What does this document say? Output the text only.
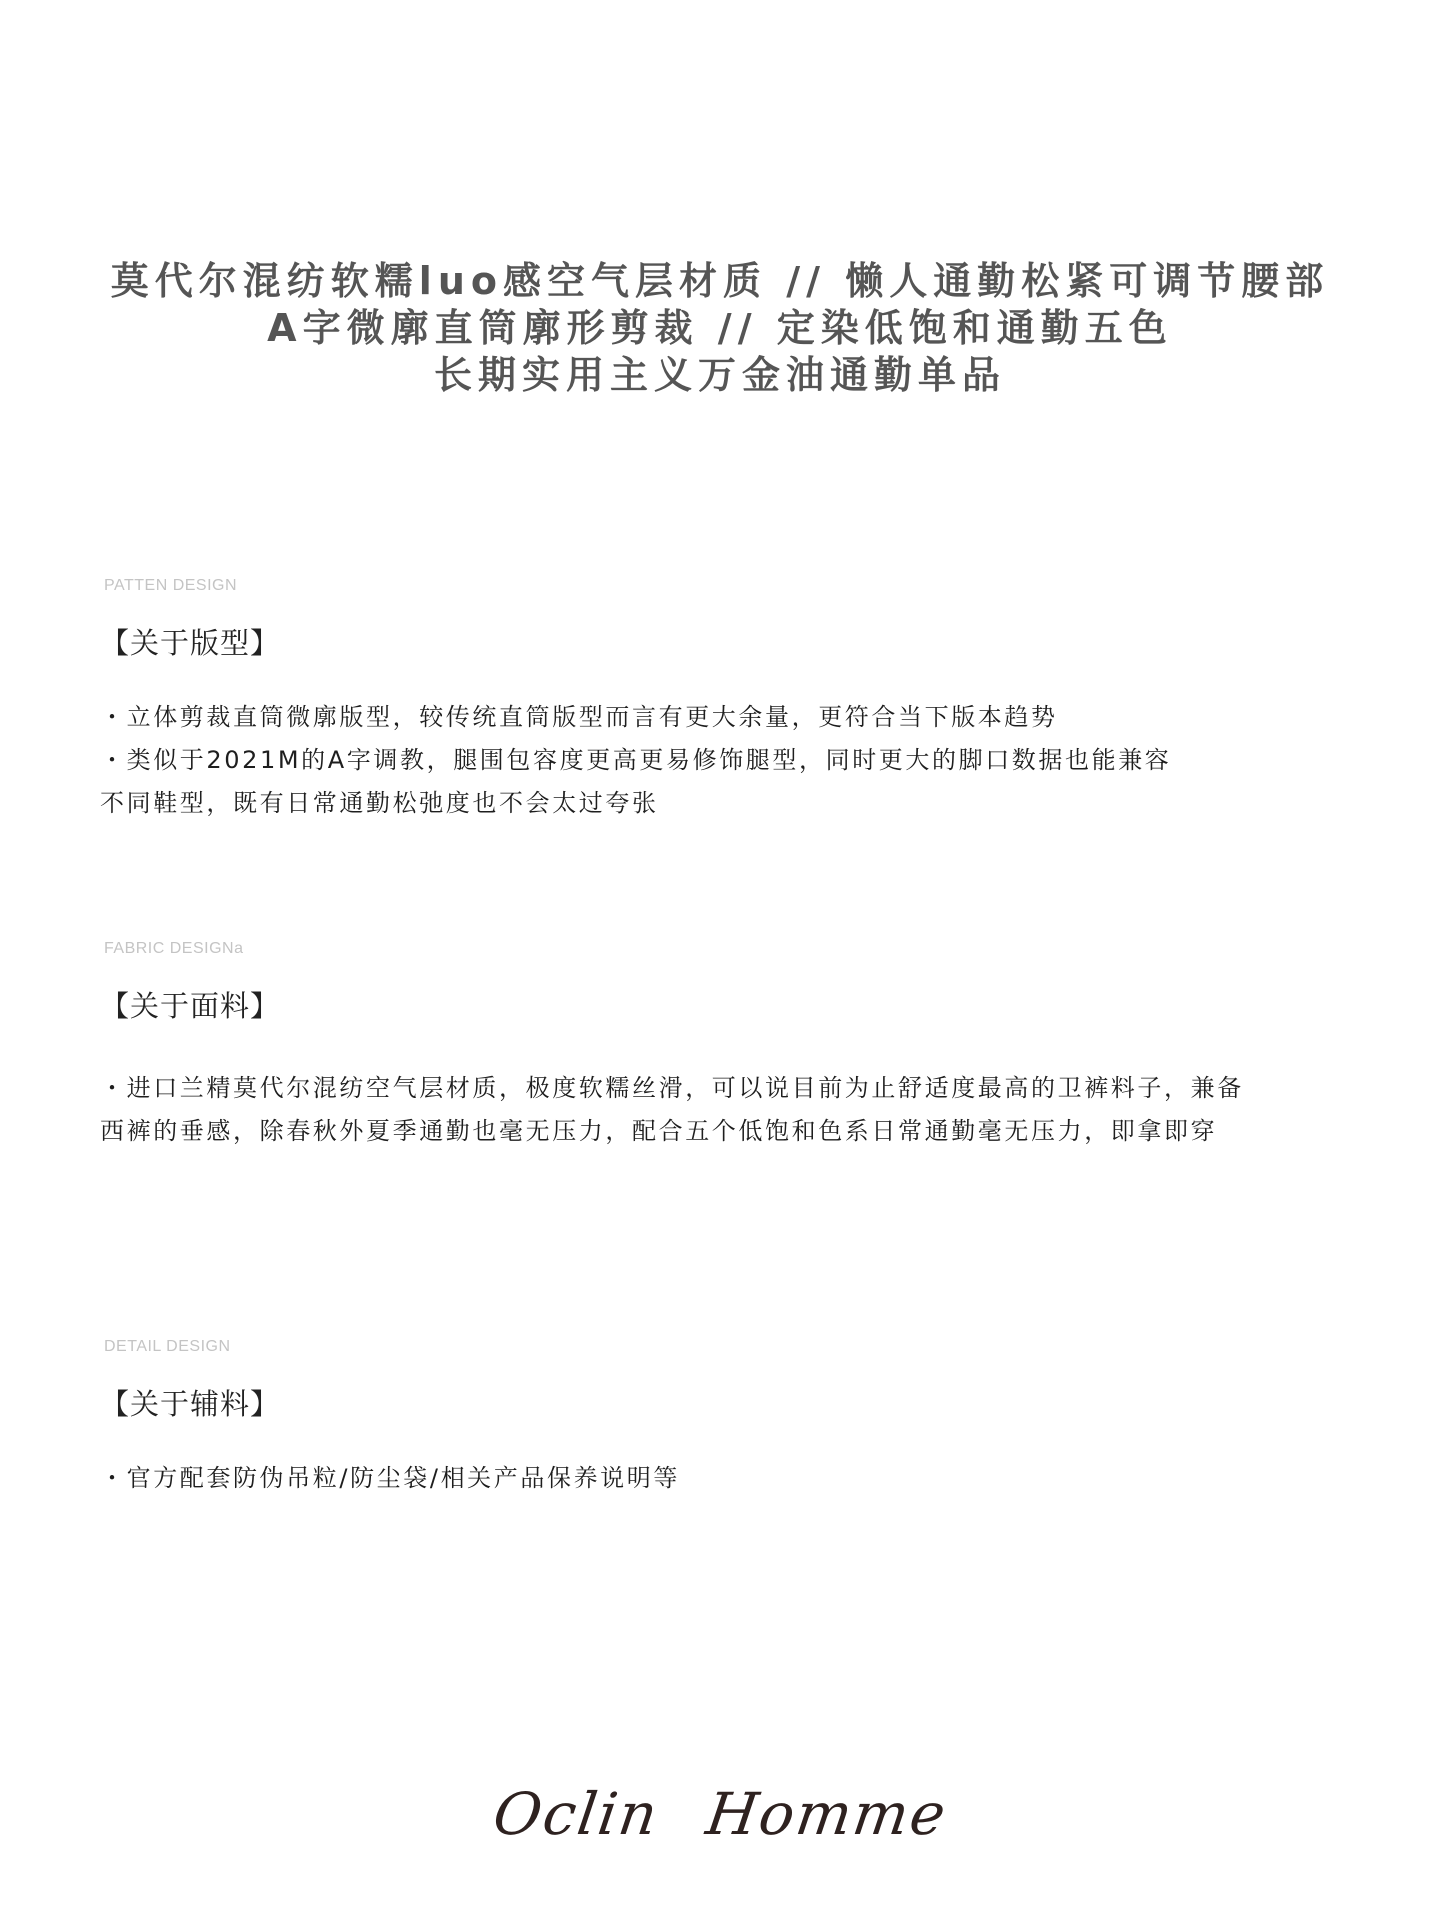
莫代尔混纺软糯luo感空气层材质 // 懒人通勤松紧可调节腰部
A字微廓直筒廓形剪裁 // 定染低饱和通勤五色
长期实用主义万金油通勤单品
PATTEN DESIGN
【关于版型】
・立体剪裁直筒微廓版型，较传统直筒版型而言有更大余量，更符合当下版本趋势
・类似于2021M的A字调教，腿围包容度更高更易修饰腿型，同时更大的脚口数据也能兼容
不同鞋型，既有日常通勤松弛度也不会太过夸张
FABRIC DESIGNa
【关于面料】
・进口兰精莫代尔混纺空气层材质，极度软糯丝滑，可以说目前为止舒适度最高的卫裤料子，兼备
西裤的垂感，除春秋外夏季通勤也毫无压力，配合五个低饱和色系日常通勤毫无压力，即拿即穿
DETAIL DESIGN
【关于辅料】
・官方配套防伪吊粒/防尘袋/相关产品保养说明等
Oclin Homme
